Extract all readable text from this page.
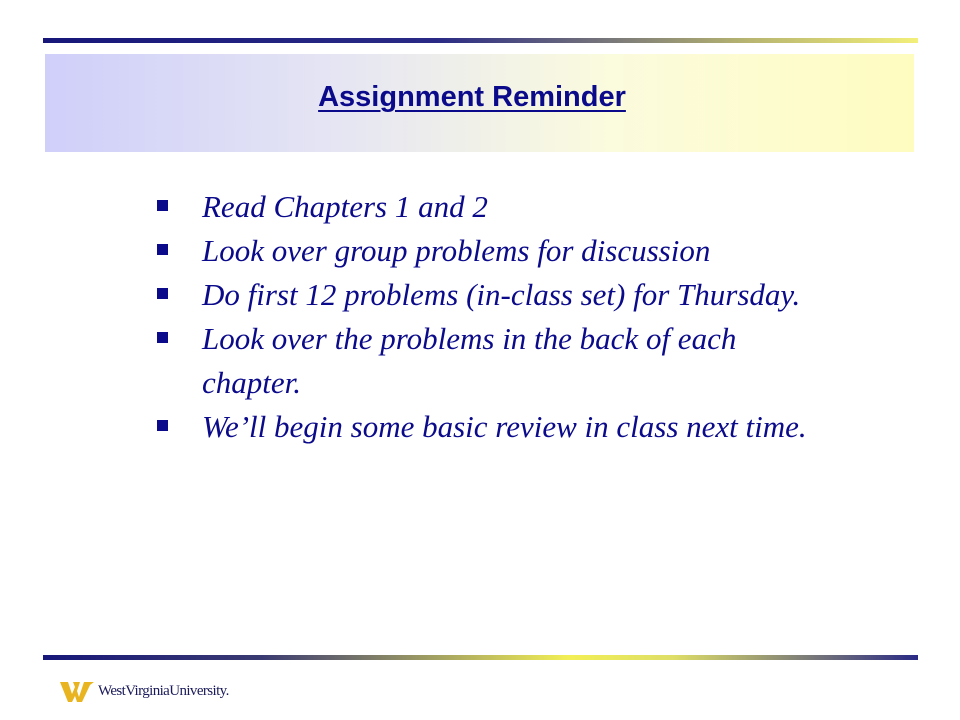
Assignment Reminder
Read Chapters 1 and 2
Look over group problems for discussion
Do first 12 problems (in-class set) for Thursday.
Look over the problems in the back of each chapter.
We’ll begin some basic review in class next time.
WestVirginiaUniversity.
